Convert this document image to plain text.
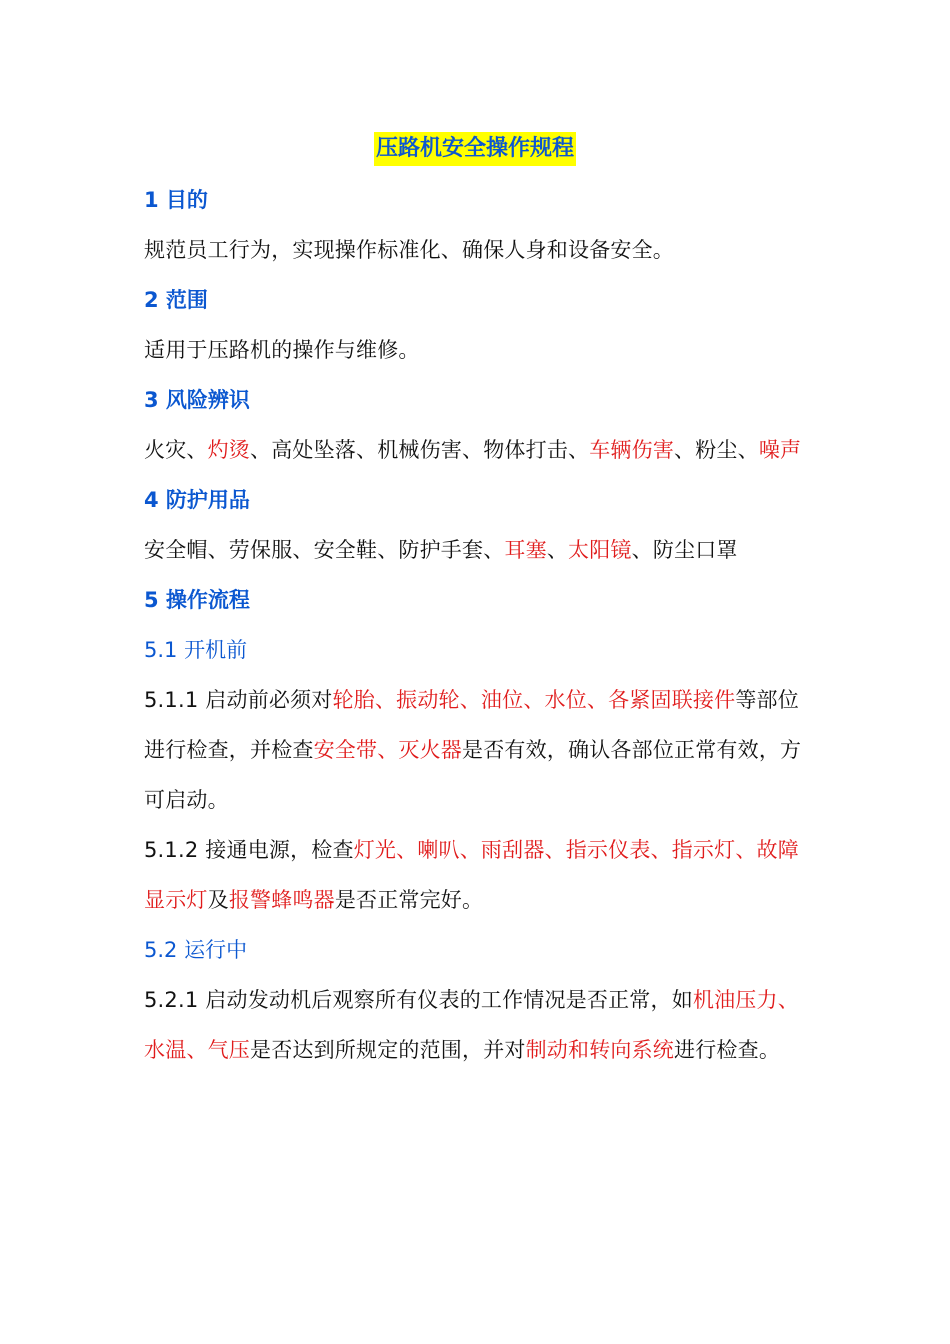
压路机安全操作规程

1 目的

规范员工行为，实现操作标准化、确保人身和设备安全。

2 范围

适用于压路机的操作与维修。

3 风险辨识

火灾、灼烫、高处坠落、机械伤害、物体打击、车辆伤害、粉尘、噪声

4 防护用品

安全帽、劳保服、安全鞋、防护手套、耳塞、太阳镜、防尘口罩

5 操作流程

5.1 开机前

5.1.1 启动前必须对轮胎、振动轮、油位、水位、各紧固联接件等部位进行检查，并检查安全带、灭火器是否有效，确认各部位正常有效，方可启动。

5.1.2 接通电源，检查灯光、喇叭、雨刮器、指示仪表、指示灯、故障显示灯及报警蜂鸣器是否正常完好。

5.2 运行中

5.2.1 启动发动机后观察所有仪表的工作情况是否正常，如机油压力、水温、气压是否达到所规定的范围，并对制动和转向系统进行检查。
